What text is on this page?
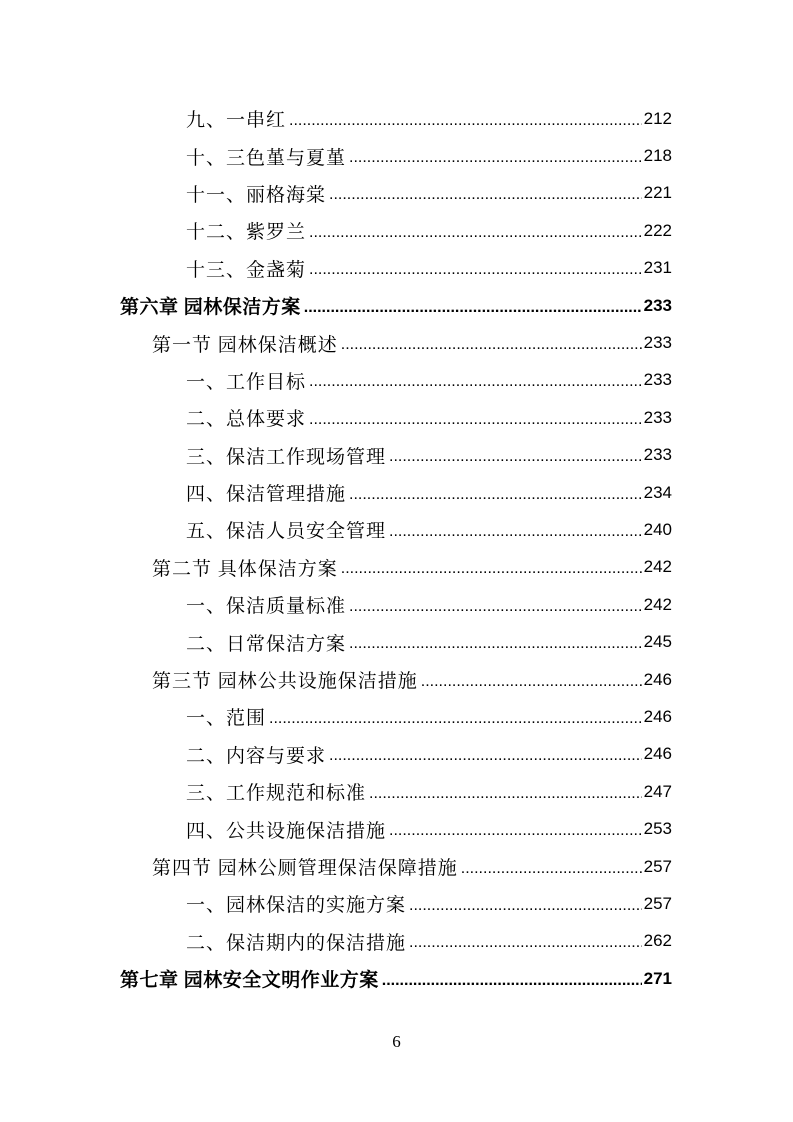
九、一串红 .....	212
十、三色堇与夏堇 .....	218
十一、丽格海棠 .....	221
十二、紫罗兰 .....	222
十三、金盏菊 .....	231
第六章 园林保洁方案 .....	233
第一节 园林保洁概述 .....	233
一、工作目标 .....	233
二、总体要求 .....	233
三、保洁工作现场管理 .....	233
四、保洁管理措施 .....	234
五、保洁人员安全管理 .....	240
第二节 具体保洁方案 .....	242
一、保洁质量标准 .....	242
二、日常保洁方案 .....	245
第三节 园林公共设施保洁措施 .....	246
一、范围 .....	246
二、内容与要求 .....	246
三、工作规范和标准 .....	247
四、公共设施保洁措施 .....	253
第四节 园林公厕管理保洁保障措施 .....	257
一、园林保洁的实施方案 .....	257
二、保洁期内的保洁措施 .....	262
第七章 园林安全文明作业方案 .....	271
6
